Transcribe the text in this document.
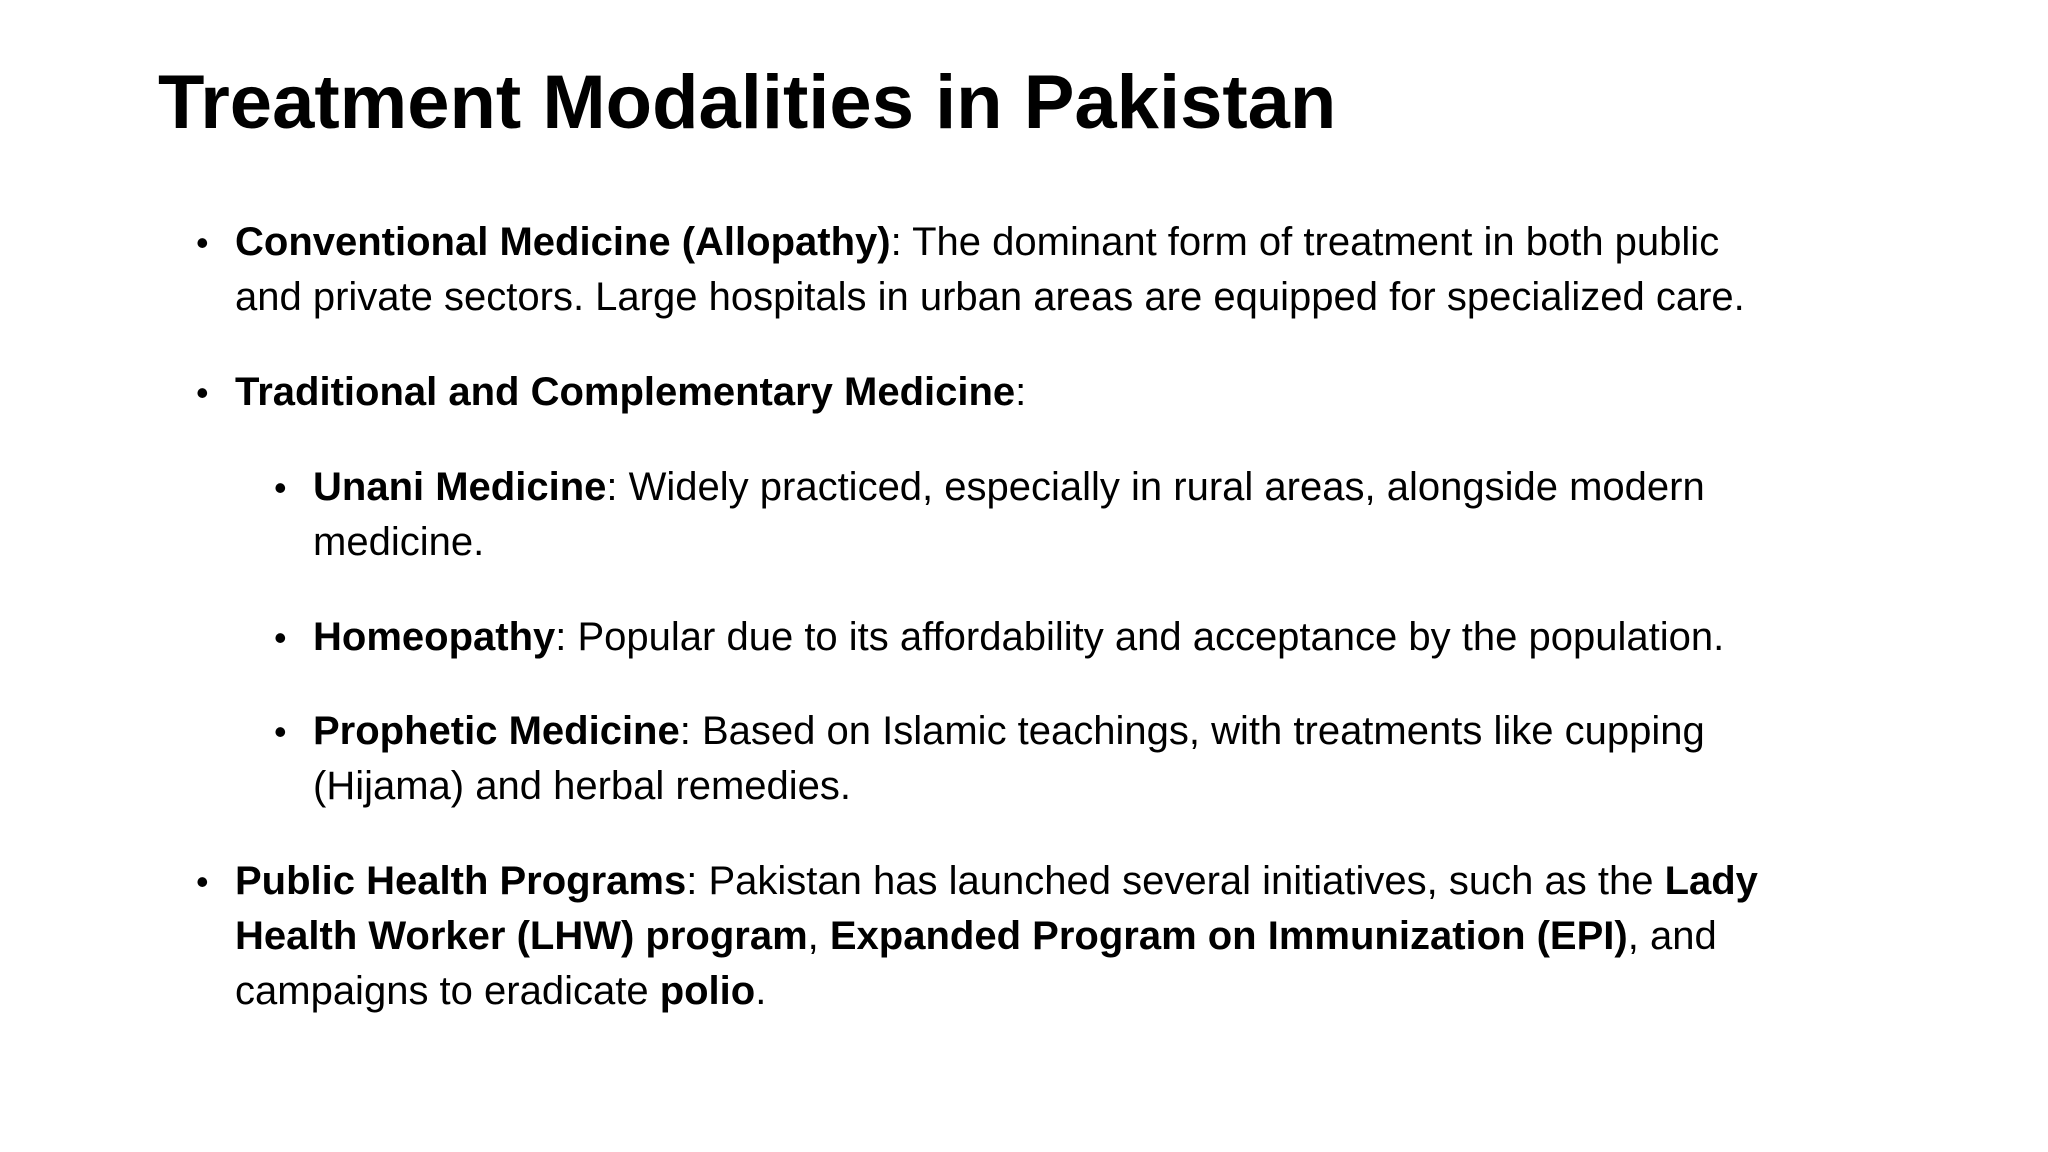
Treatment Modalities in Pakistan
• Conventional Medicine (Allopathy): The dominant form of treatment in both public
and private sectors. Large hospitals in urban areas are equipped for specialized care.
• Traditional and Complementary Medicine:
• Unani Medicine: Widely practiced, especially in rural areas, alongside modern
medicine.
• Homeopathy: Popular due to its affordability and acceptance by the population.
• Prophetic Medicine: Based on Islamic teachings, with treatments like cupping
(Hijama) and herbal remedies.
• Public Health Programs: Pakistan has launched several initiatives, such as the Lady
Health Worker (LHW) program, Expanded Program on Immunization (EPI), and
campaigns to eradicate polio.
